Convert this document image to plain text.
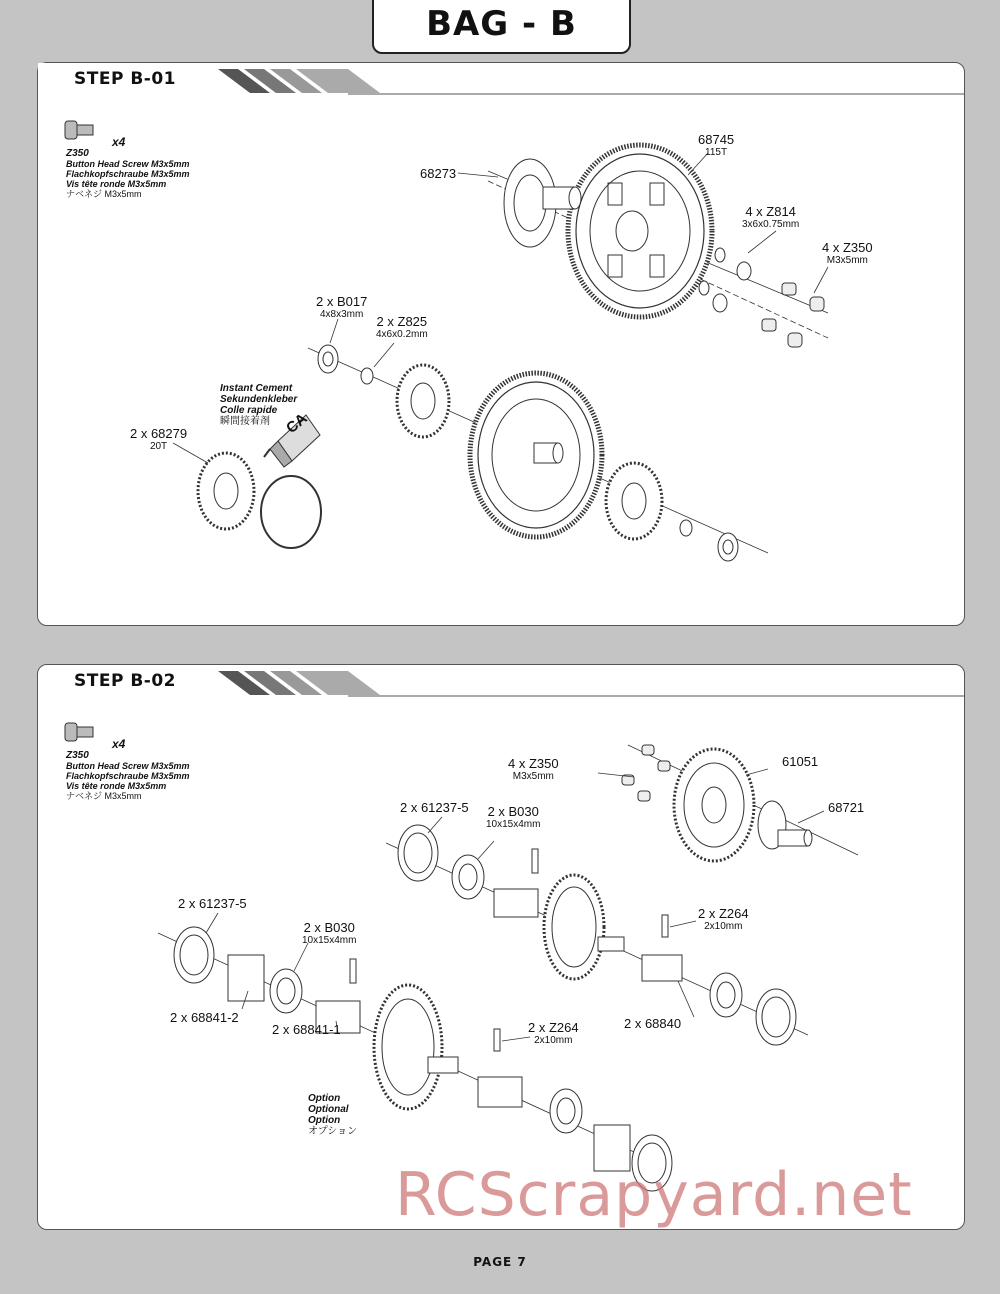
BAG - B
STEP B-01
x4
Z350
Button Head Screw M3x5mm
Flachkopfschraube M3x5mm
Vis tête ronde M3x5mm
ナベネジ M3x5mm
68273
68745
115T
4 x Z814
3x6x0.75mm
4 x Z350
M3x5mm
2 x B017
4x8x3mm	2 x Z825
4x6x0.2mm
2 x 68279
20T
Instant Cement
Sekundenkleber
Colle rapide
瞬間接着剤 CA
STEP B-02
x4
Z350
Button Head Screw M3x5mm
Flachkopfschraube M3x5mm
Vis tête ronde M3x5mm
ナベネジ M3x5mm
4 x Z350
M3x5mm
61051
68721
2 x 61237-5 2 x B030
10x15x4mm
2 x 61237-5
2 x B030
10x15x4mm
2 x Z264
2x10mm
2 x Z264
2x10mm
2 x 68841-2
2 x 68841-1	2 x 68840
Option
Optional
Option
オプション
PAGE 7
RCScrapyard.net
